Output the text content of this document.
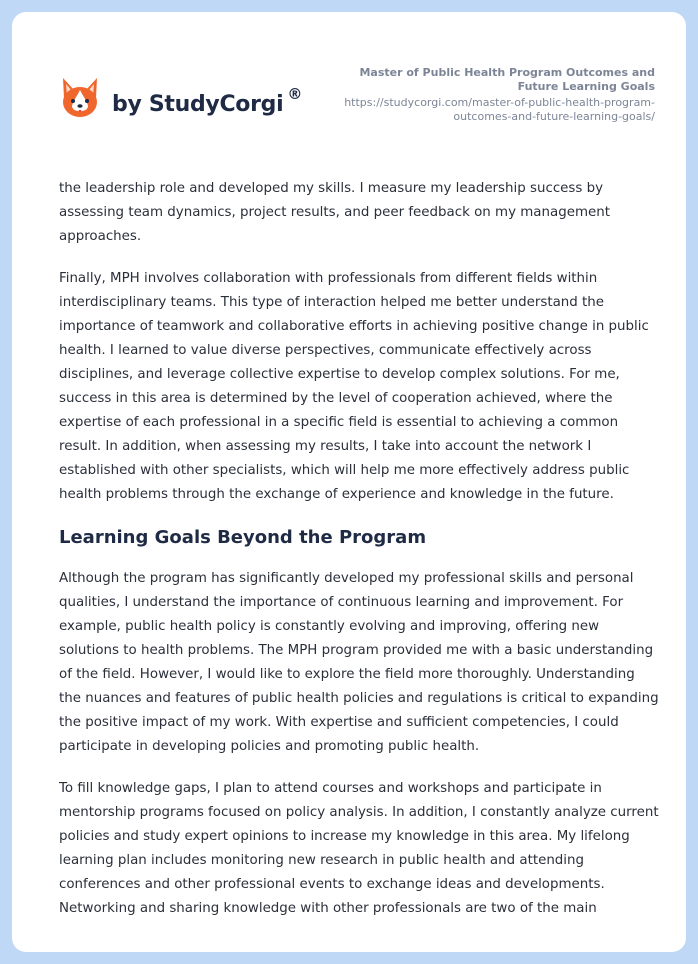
by StudyCorgi ®
Master of Public Health Program Outcomes and Future Learning Goals
https://studycorgi.com/master-of-public-health-program-outcomes-and-future-learning-goals/

the leadership role and developed my skills. I measure my leadership success by assessing team dynamics, project results, and peer feedback on my management approaches.

Finally, MPH involves collaboration with professionals from different fields within interdisciplinary teams. This type of interaction helped me better understand the importance of teamwork and collaborative efforts in achieving positive change in public health. I learned to value diverse perspectives, communicate effectively across disciplines, and leverage collective expertise to develop complex solutions. For me, success in this area is determined by the level of cooperation achieved, where the expertise of each professional in a specific field is essential to achieving a common result. In addition, when assessing my results, I take into account the network I established with other specialists, which will help me more effectively address public health problems through the exchange of experience and knowledge in the future.

Learning Goals Beyond the Program

Although the program has significantly developed my professional skills and personal qualities, I understand the importance of continuous learning and improvement. For example, public health policy is constantly evolving and improving, offering new solutions to health problems. The MPH program provided me with a basic understanding of the field. However, I would like to explore the field more thoroughly. Understanding the nuances and features of public health policies and regulations is critical to expanding the positive impact of my work. With expertise and sufficient competencies, I could participate in developing policies and promoting public health.

To fill knowledge gaps, I plan to attend courses and workshops and participate in mentorship programs focused on policy analysis. In addition, I constantly analyze current policies and study expert opinions to increase my knowledge in this area. My lifelong learning plan includes monitoring new research in public health and attending conferences and other professional events to exchange ideas and developments. Networking and sharing knowledge with other professionals are two of the main
